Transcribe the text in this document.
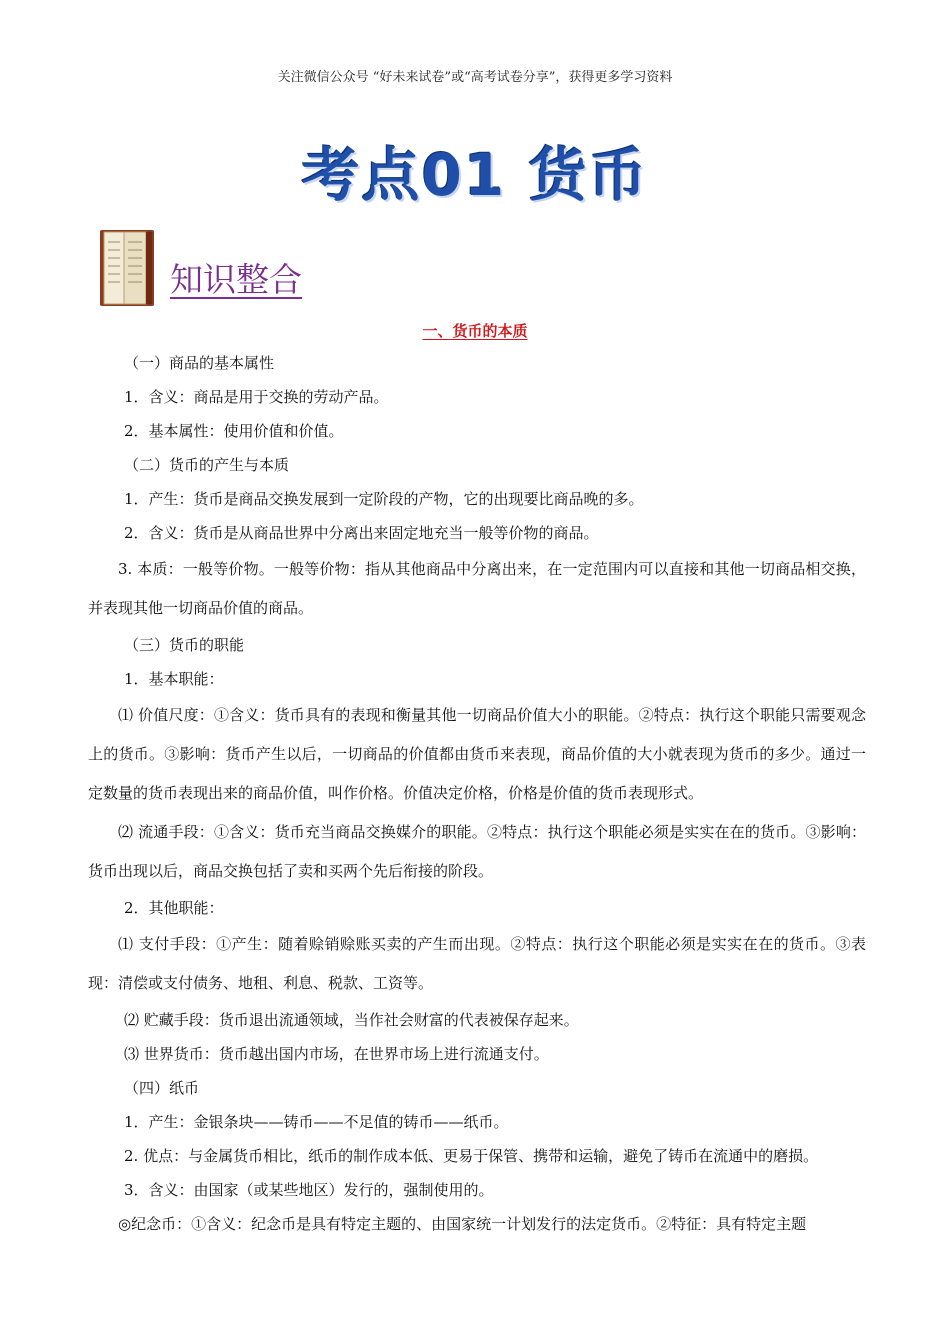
关注微信公众号 “好未来试卷”或“高考试卷分享”，获得更多学习资料
考点01 货币
知识整合
一、货币的本质

（一）商品的基本属性

1．含义：商品是用于交换的劳动产品。

2．基本属性：使用价值和价值。

（二）货币的产生与本质

1．产生：货币是商品交换发展到一定阶段的产物，它的出现要比商品晚的多。

2．含义：货币是从商品世界中分离出来固定地充当一般等价物的商品。

3. 本质：一般等价物。一般等价物：指从其他商品中分离出来，在一定范围内可以直接和其他一切商品相交换，并表现其他一切商品价值的商品。

（三）货币的职能

1．基本职能：

⑴ 价值尺度：①含义：货币具有的表现和衡量其他一切商品价值大小的职能。②特点：执行这个职能只需要观念上的货币。③影响：货币产生以后，一切商品的价值都由货币来表现，商品价值的大小就表现为货币的多少。通过一定数量的货币表现出来的商品价值，叫作价格。价值决定价格，价格是价值的货币表现形式。

⑵ 流通手段：①含义：货币充当商品交换媒介的职能。②特点：执行这个职能必须是实实在在的货币。③影响：货币出现以后，商品交换包括了卖和买两个先后衔接的阶段。

2．其他职能：

⑴ 支付手段：①产生：随着赊销赊账买卖的产生而出现。②特点：执行这个职能必须是实实在在的货币。③表现：清偿或支付债务、地租、利息、税款、工资等。

⑵ 贮藏手段：货币退出流通领域，当作社会财富的代表被保存起来。

⑶ 世界货币：货币越出国内市场，在世界市场上进行流通支付。

（四）纸币

1．产生：金银条块——铸币——不足值的铸币——纸币。

2. 优点：与金属货币相比，纸币的制作成本低、更易于保管、携带和运输，避免了铸币在流通中的磨损。

3．含义：由国家（或某些地区）发行的，强制使用的。

◎纪念币：①含义：纪念币是具有特定主题的、由国家统一计划发行的法定货币。②特征：具有特定主题
